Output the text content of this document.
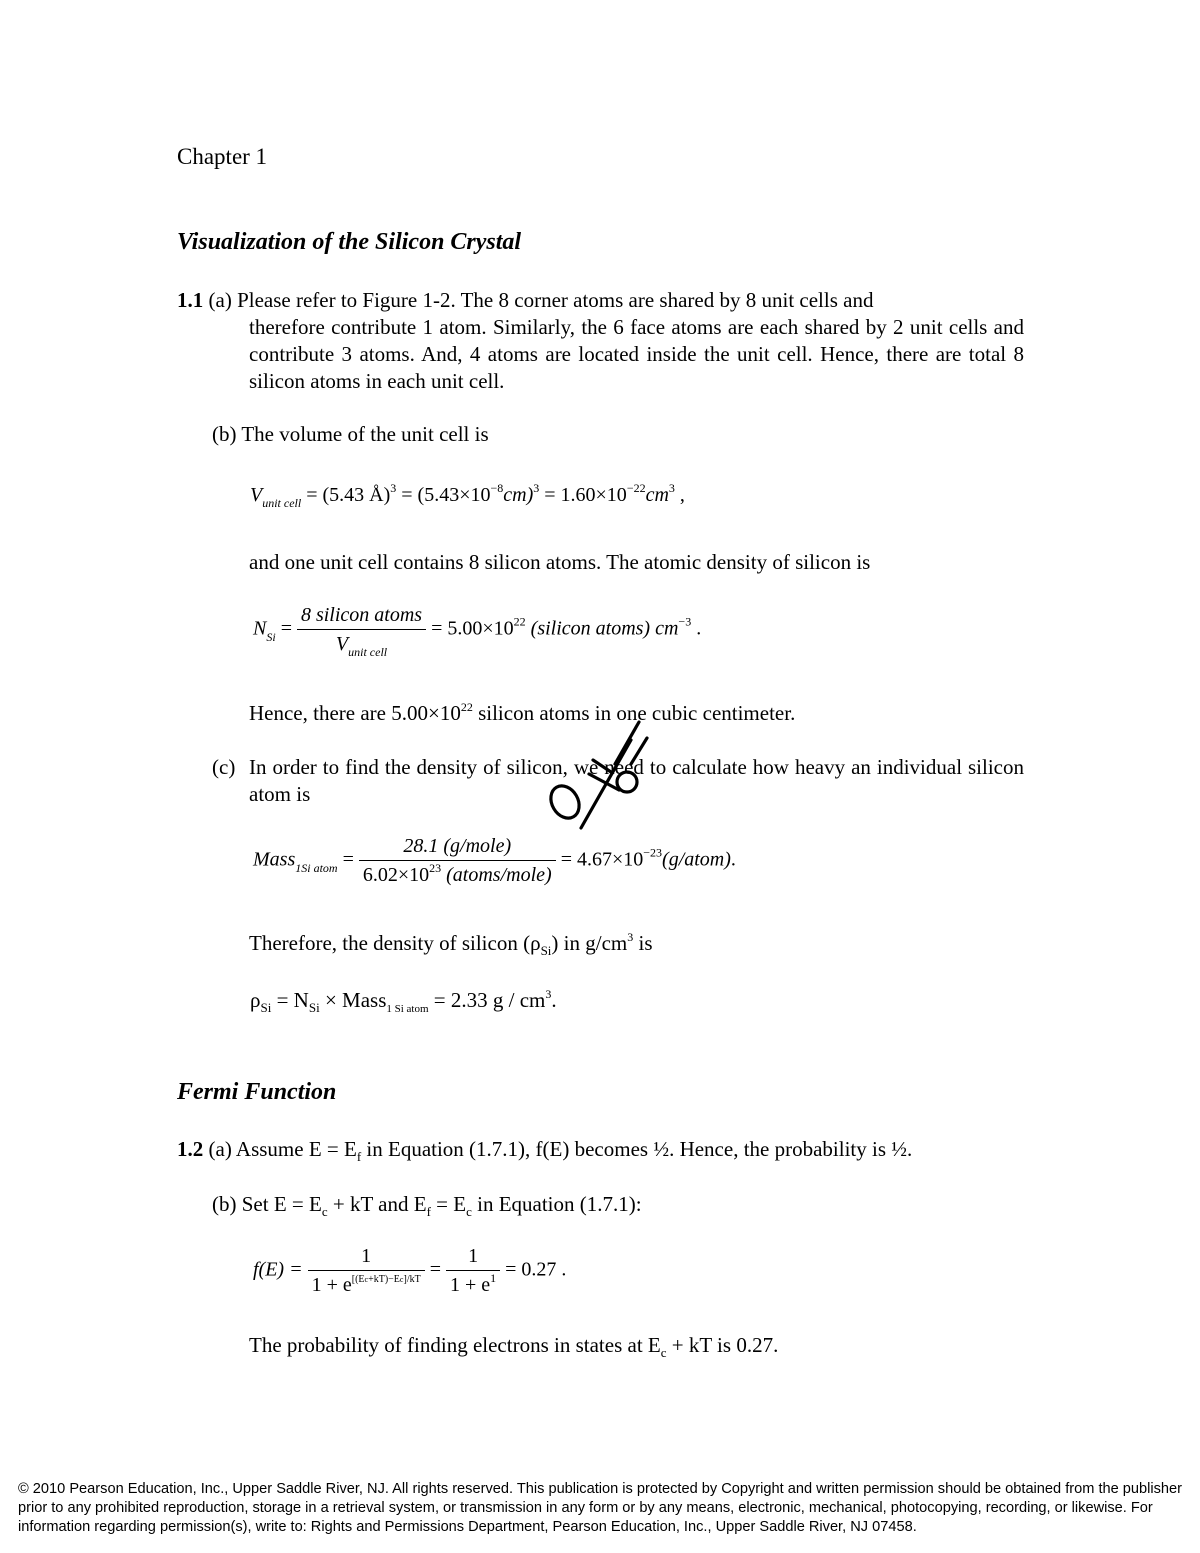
Chapter 1
Visualization of the Silicon Crystal
1.1 (a) Please refer to Figure 1-2. The 8 corner atoms are shared by 8 unit cells and
therefore contribute 1 atom. Similarly, the 6 face atoms are each shared by 2 unit cells and contribute 3 atoms. And, 4 atoms are located inside the unit cell. Hence, there are total 8 silicon atoms in each unit cell.
(b) The volume of the unit cell is
$V_{unit cell} = (5.43$ Å)$^3$ = $(5.43\times 10^{-8}cm)^3 = 1.60\times 10^{-22}cm^3$ ,
and one unit cell contains 8 silicon atoms. The atomic density of silicon is
$N_{Si} = \frac{\text{8 silicon atoms}}{V_{unit cell}} = 5.00\times 10^{22}$ (silicon atoms) $cm^{-3}$ .
Hence, there are $5.00\times 10^{22}$ silicon atoms in one cubic centimeter.
(c) In order to find the density of silicon, we need to calculate how heavy an individual silicon atom is
Mass$_{1Si atom}$ = $\frac{\text{28.1 (g/mole)}}{6.02\times 10^{23} (atoms/mole)}$ = $4.67\times 10^{-23}(g/atom)$.
Therefore, the density of silicon $(\rho_{Si})$ in $g/cm^3$ is
$\rho_{Si} = N_{Si}$ × Mass$_{1 Si atom}$ = 2.33 g / $cm^3$.
Fermi Function
1.2 (a) Assume $E = E_f$ in Equation (1.7.1), f(E) becomes ½. Hence, the probability is ½.
(b) Set $E = E_c$ + kT and $E_f = E_c$ in Equation (1.7.1):
$f(E) = \frac{1}{1 + e^{[(Ec+kT)-Ec]/kT}} = \frac{1}{1 + e^1} = 0.27$ .
The probability of finding electrons in states at $E_c$ + kT is 0.27.
© 2010 Pearson Education, Inc., Upper Saddle River, NJ. All rights reserved. This publication is protected by Copyright and written permission should be obtained from the publisher prior to any prohibited reproduction, storage in a retrieval system, or transmission in any form or by any means, electronic, mechanical, photocopying, recording, or likewise. For information regarding permission(s), write to: Rights and Permissions Department, Pearson Education, Inc., Upper Saddle River, NJ 07458.
